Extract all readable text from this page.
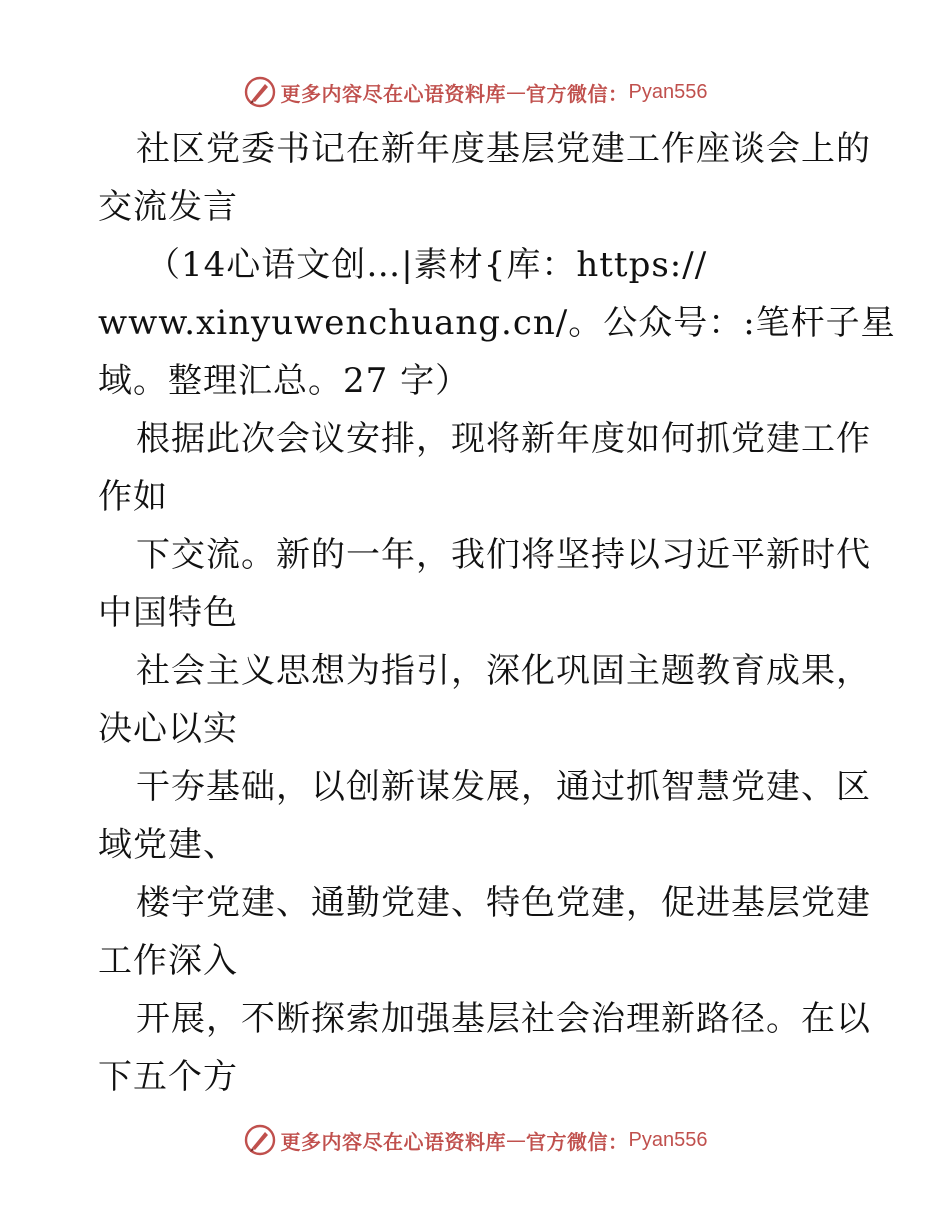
更多内容尽在心语资料库 — 官方微信： Pyan556
社区党委书记在新年度基层党建工作座谈会上的
交流发言
（14心语文创…|素材{库：https://
www.xinyuwenchuang.cn/。公众号：:笔杆子星
域。整理汇总。27 字）
根据此次会议安排，现将新年度如何抓党建工作
作如
下交流。新的一年，我们将坚持以习近平新时代
中国特色
社会主义思想为指引，深化巩固主题教育成果，
决心以实
干夯基础，以创新谋发展，通过抓智慧党建、区
域党建、
楼宇党建、通勤党建、特色党建，促进基层党建
工作深入
开展，不断探索加强基层社会治理新路径。在以
下五个方
更多内容尽在心语资料库 — 官方微信： Pyan556
